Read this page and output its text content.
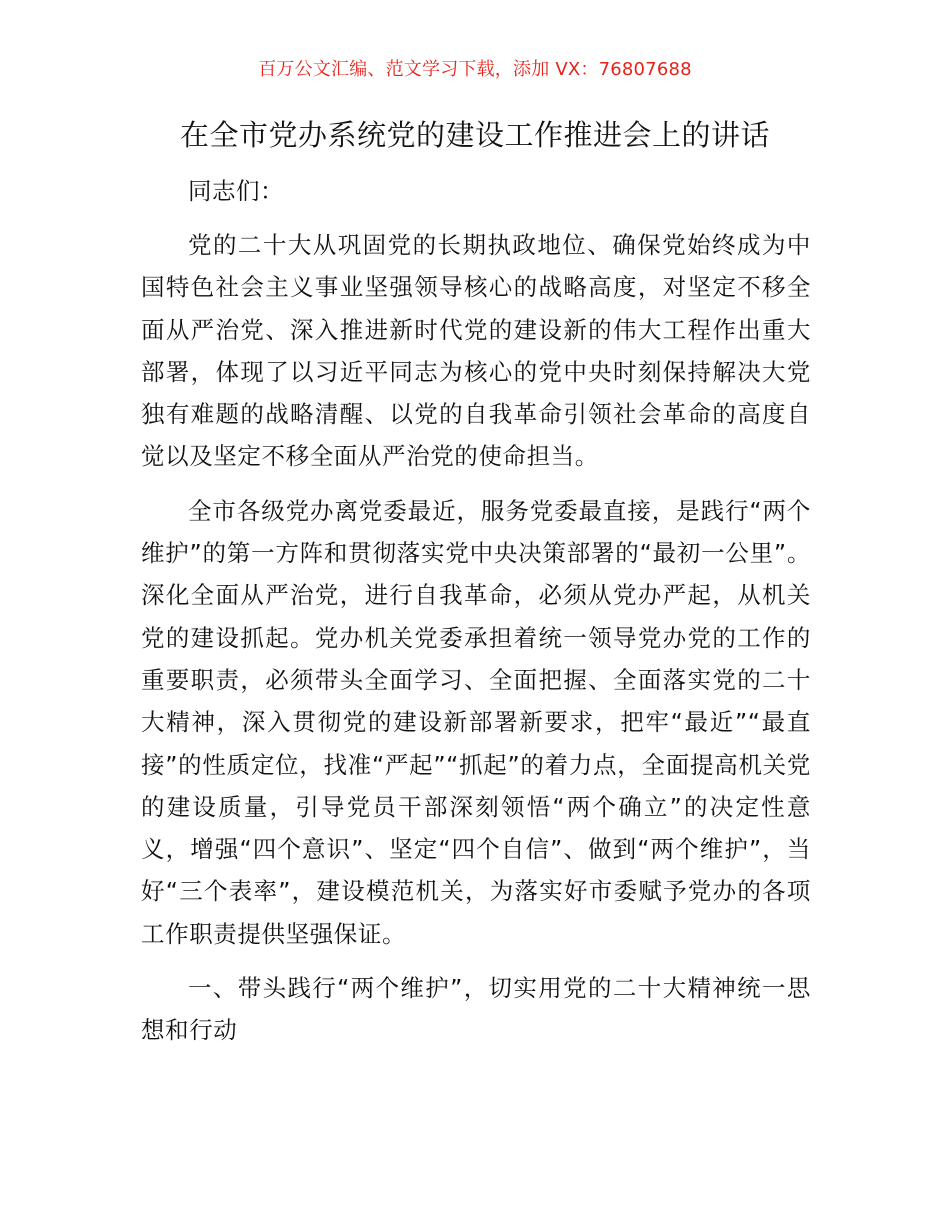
百万公文汇编、范文学习下载，添加 VX：76807688
在全市党办系统党的建设工作推进会上的讲话

同志们：

党的二十大从巩固党的长期执政地位、确保党始终成为中国特色社会主义事业坚强领导核心的战略高度，对坚定不移全面从严治党、深入推进新时代党的建设新的伟大工程作出重大部署，体现了以习近平同志为核心的党中央时刻保持解决大党独有难题的战略清醒、以党的自我革命引领社会革命的高度自觉以及坚定不移全面从严治党的使命担当。

全市各级党办离党委最近，服务党委最直接，是践行“两个维护”的第一方阵和贯彻落实党中央决策部署的“最初一公里”。深化全面从严治党，进行自我革命，必须从党办严起，从机关党的建设抓起。党办机关党委承担着统一领导党办党的工作的重要职责，必须带头全面学习、全面把握、全面落实党的二十大精神，深入贯彻党的建设新部署新要求，把牢“最近”“最直接”的性质定位，找准“严起”“抓起”的着力点，全面提高机关党的建设质量，引导党员干部深刻领悟“两个确立”的决定性意义，增强“四个意识”、坚定“四个自信”、做到“两个维护”，当好“三个表率”，建设模范机关，为落实好市委赋予党办的各项工作职责提供坚强保证。

一、带头践行“两个维护”，切实用党的二十大精神统一思想和行动
